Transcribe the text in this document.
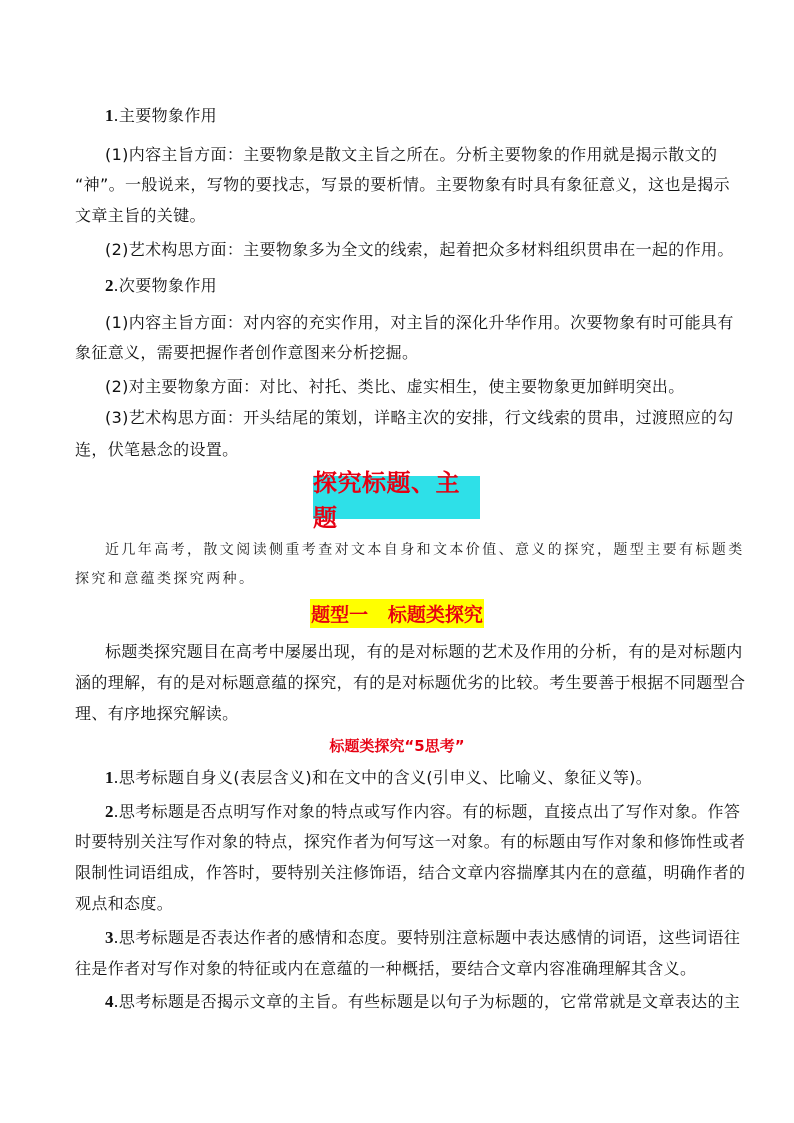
1.主要物象作用
(1)内容主旨方面：主要物象是散文主旨之所在。分析主要物象的作用就是揭示散文的
“神”。一般说来，写物的要找志，写景的要析情。主要物象有时具有象征意义，这也是揭示
文章主旨的关键。
(2)艺术构思方面：主要物象多为全文的线索，起着把众多材料组织贯串在一起的作用。
2.次要物象作用
(1)内容主旨方面：对内容的充实作用，对主旨的深化升华作用。次要物象有时可能具有
象征意义，需要把握作者创作意图来分析挖掘。
(2)对主要物象方面：对比、衬托、类比、虚实相生，使主要物象更加鲜明突出。
(3)艺术构思方面：开头结尾的策划，详略主次的安排，行文线索的贯串，过渡照应的勾
连，伏笔悬念的设置。
探究标题、主题
近几年高考，散文阅读侧重考查对文本自身和文本价值、意义的探究，题型主要有标题类
探究和意蕴类探究两种。
题型一   标题类探究
标题类探究题目在高考中屡屡出现，有的是对标题的艺术及作用的分析，有的是对标题内
涵的理解，有的是对标题意蕴的探究，有的是对标题优劣的比较。考生要善于根据不同题型合
理、有序地探究解读。
标题类探究“5思考”
1.思考标题自身义(表层含义)和在文中的含义(引申义、比喻义、象征义等)。
2.思考标题是否点明写作对象的特点或写作内容。有的标题，直接点出了写作对象。作答
时要特别关注写作对象的特点，探究作者为何写这一对象。有的标题由写作对象和修饰性或者
限制性词语组成，作答时，要特别关注修饰语，结合文章内容揣摩其内在的意蕴，明确作者的
观点和态度。
3.思考标题是否表达作者的感情和态度。要特别注意标题中表达感情的词语，这些词语往
往是作者对写作对象的特征或内在意蕴的一种概括，要结合文章内容准确理解其含义。
4.思考标题是否揭示文章的主旨。有些标题是以句子为标题的，它常常就是文章表达的主
